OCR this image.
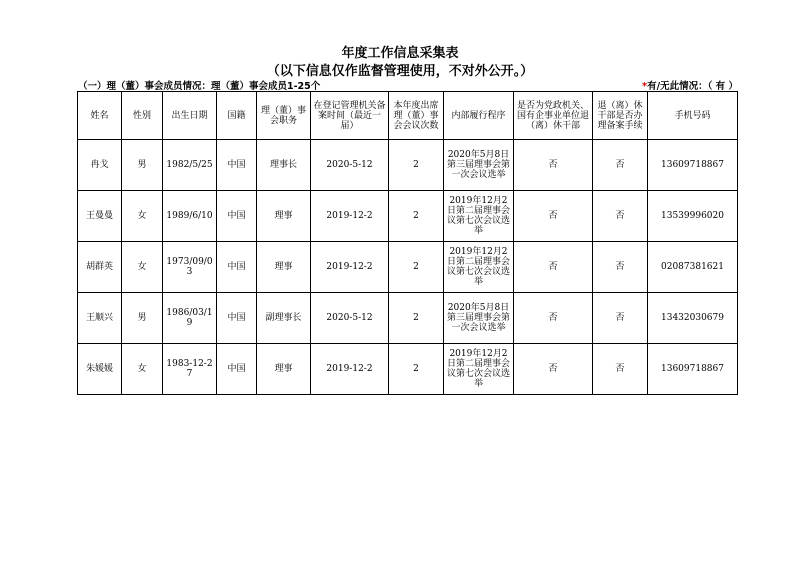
年度工作信息采集表
（以下信息仅作监督管理使用，不对外公开。）
（一）理（董）事会成员情况：理（董）事会成员1-25个	*有/无此情况：（ 有 ）
姓名	性别	出生日期	国籍	理（董）事会职务	在登记管理机关备案时间（最近一届）	本年度出席理（董）事会会议次数	内部履行程序	是否为党政机关、国有企事业单位退（离）休干部	退（离）休干部是否办理备案手续	手机号码
冉戈	男	1982/5/25	中国	理事长	2020-5-12	2	2020年5月8日第三届理事会第一次会议选举	否	否	13609718867
王曼曼	女	1989/6/10	中国	理事	2019-12-2	2	2019年12月2日第二届理事会议第七次会议选举	否	否	13539996020
胡群英	女	1973/09/03	中国	理事	2019-12-2	2	2019年12月2日第二届理事会议第七次会议选举	否	否	02087381621
王顺兴	男	1986/03/19	中国	副理事长	2020-5-12	2	2020年5月8日第三届理事会第一次会议选举	否	否	13432030679
朱媛媛	女	1983-12-27	中国	理事	2019-12-2	2	2019年12月2日第二届理事会议第七次会议选举	否	否	13609718867
